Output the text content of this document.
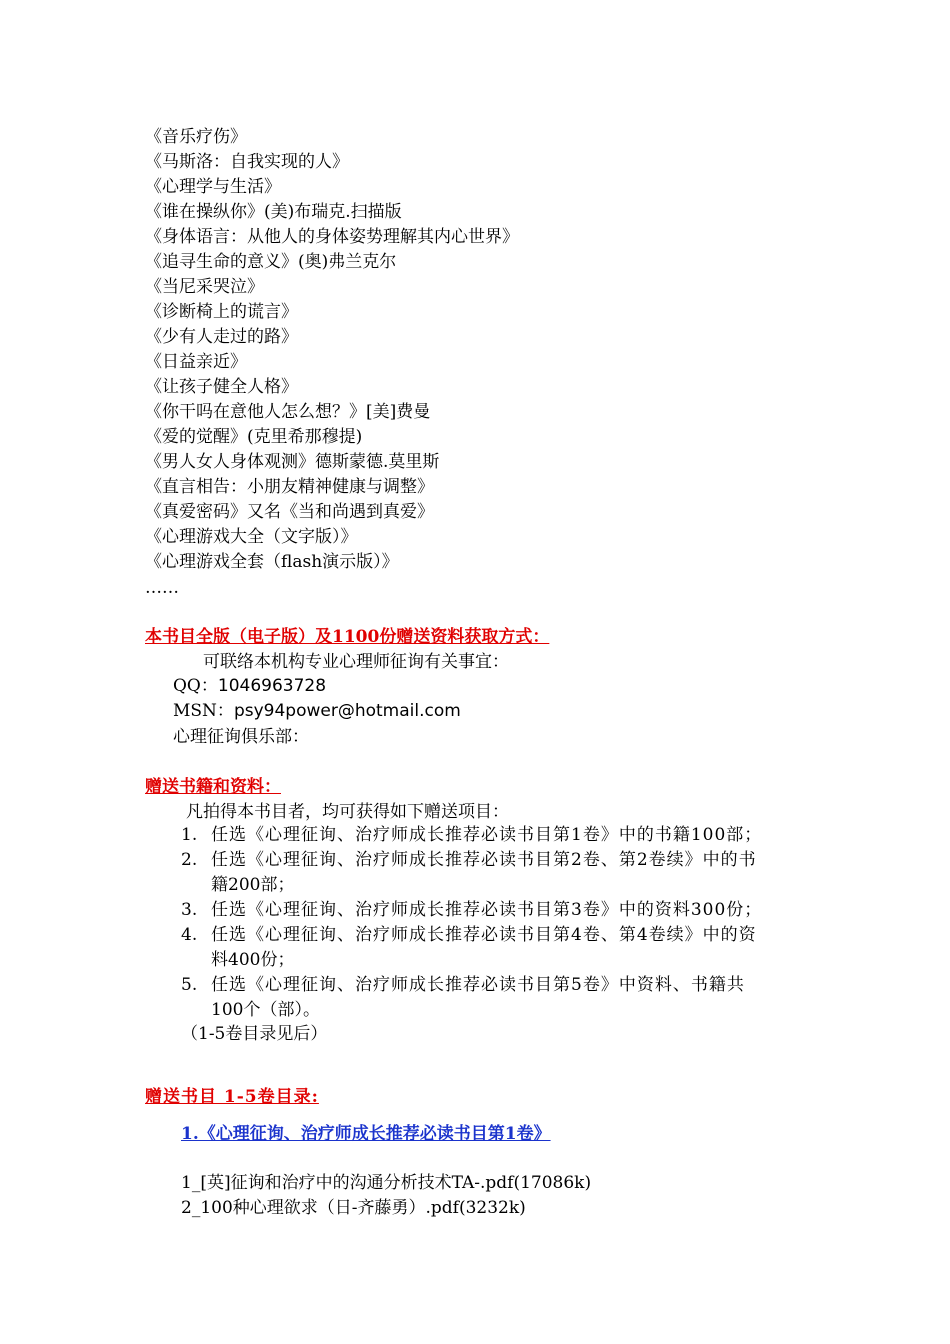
《音乐疗伤》
《马斯洛：自我实现的人》
《心理学与生活》
《谁在操纵你》(美)布瑞克.扫描版
《身体语言：从他人的身体姿势理解其内心世界》
《追寻生命的意义》(奥)弗兰克尔
《当尼采哭泣》
《诊断椅上的谎言》
《少有人走过的路》
《日益亲近》
《让孩子健全人格》
《你干吗在意他人怎么想？》[美]费曼
《爱的觉醒》(克里希那穆提)
《男人女人身体观测》德斯蒙德.莫里斯
《直言相告：小朋友精神健康与调整》
《真爱密码》又名《当和尚遇到真爱》
《心理游戏大全（文字版）》
《心理游戏全套（flash演示版）》
……
本书目全版（电子版）及1100份赠送资料获取方式：
可联络本机构专业心理师征询有关事宜：
QQ：1046963728
MSN：psy94power@hotmail.com
心理征询俱乐部：
赠送书籍和资料：
凡拍得本书目者，均可获得如下赠送项目：
1. 任选《心理征询、治疗师成长推荐必读书目第1卷》中的书籍100部；
2. 任选《心理征询、治疗师成长推荐必读书目第2卷、第2卷续》中的书
籍200部；
3. 任选《心理征询、治疗师成长推荐必读书目第3卷》中的资料300份；
4. 任选《心理征询、治疗师成长推荐必读书目第4卷、第4卷续》中的资
料400份；
5. 任选《心理征询、治疗师成长推荐必读书目第5卷》中资料、书籍共
100个（部）。
（1-5卷目录见后）
赠送书目 1-5卷目录:
1.《心理征询、治疗师成长推荐必读书目第1卷》
1_[英]征询和治疗中的沟通分析技术TA-.pdf(17086k)
2_100种心理欲求（日-齐藤勇）.pdf(3232k)
